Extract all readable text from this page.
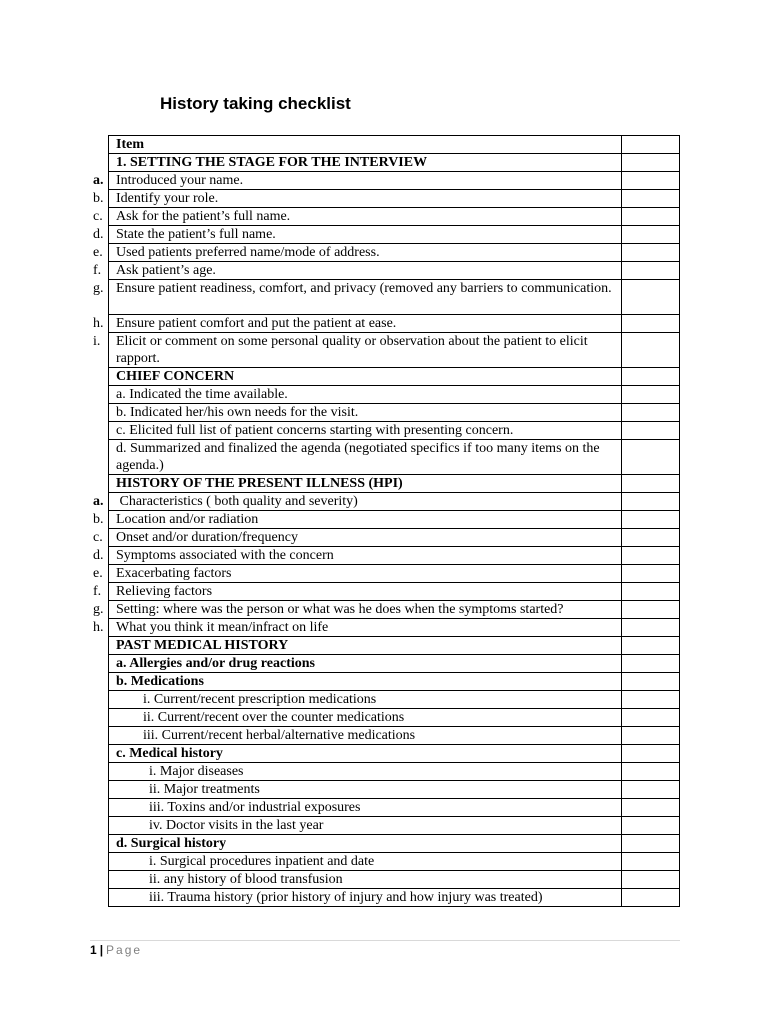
History taking checklist
Item	
1. SETTING THE STAGE FOR THE INTERVIEW	
a. Introduced your name.	
b. Identify your role.	
c. Ask for the patient’s full name.	
d. State the patient’s full name.	
e. Used patients preferred name/mode of address.	
f. Ask patient’s age.	
g. Ensure patient readiness, comfort, and privacy (removed any barriers to communication.	
h. Ensure patient comfort and put the patient at ease.	
i. Elicit or comment on some personal quality or observation about the patient to elicit rapport.	
CHIEF CONCERN	
a. Indicated the time available.	
b. Indicated her/his own needs for the visit.	
c. Elicited full list of patient concerns starting with presenting concern.	
d. Summarized and finalized the agenda (negotiated specifics if too many items on the agenda.)	
HISTORY OF THE PRESENT ILLNESS (HPI)	
a. Characteristics ( both quality and severity)	
b. Location and/or radiation	
c. Onset and/or duration/frequency	
d. Symptoms associated with the concern	
e. Exacerbating factors	
f. Relieving factors	
g. Setting: where was the person or what was he does when the symptoms started?	
h. What you think it mean/infract on life	
PAST MEDICAL HISTORY	
a. Allergies and/or drug reactions	
b. Medications	
i. Current/recent prescription medications	
ii. Current/recent over the counter medications	
iii. Current/recent herbal/alternative medications	
c. Medical history	
i. Major diseases	
ii. Major treatments	
iii. Toxins and/or industrial exposures	
iv. Doctor visits in the last year	
d. Surgical history	
i. Surgical procedures inpatient and date	
ii. any history of blood transfusion	
iii. Trauma history (prior history of injury and how injury was treated)	
1 | Page
